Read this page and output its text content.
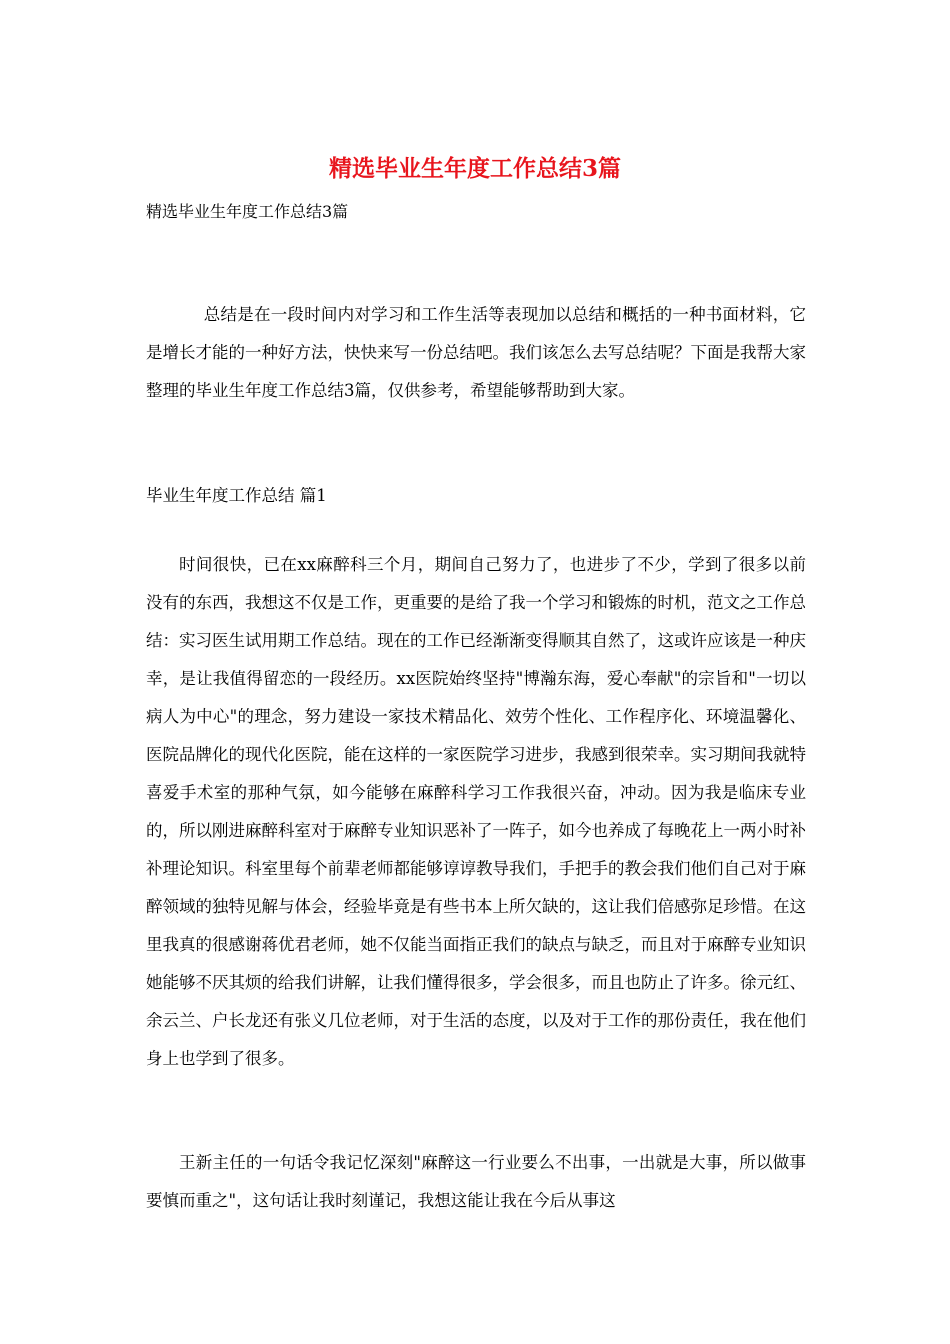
精选毕业生年度工作总结3篇

精选毕业生年度工作总结3篇

总结是在一段时间内对学习和工作生活等表现加以总结和概括的一种书面材料，它是增长才能的一种好方法，快快来写一份总结吧。我们该怎么去写总结呢？下面是我帮大家整理的毕业生年度工作总结3篇，仅供参考，希望能够帮助到大家。

毕业生年度工作总结 篇1

时间很快，已在xx麻醉科三个月，期间自己努力了，也进步了不少，学到了很多以前没有的东西，我想这不仅是工作，更重要的是给了我一个学习和锻炼的时机，范文之工作总结：实习医生试用期工作总结。现在的工作已经渐渐变得顺其自然了，这或许应该是一种庆幸，是让我值得留恋的一段经历。xx医院始终坚持"博瀚东海，爱心奉献"的宗旨和"一切以病人为中心"的理念，努力建设一家技术精品化、效劳个性化、工作程序化、环境温馨化、医院品牌化的现代化医院，能在这样的一家医院学习进步，我感到很荣幸。实习期间我就特喜爱手术室的那种气氛，如今能够在麻醉科学习工作我很兴奋，冲动。因为我是临床专业的，所以刚进麻醉科室对于麻醉专业知识恶补了一阵子，如今也养成了每晚花上一两小时补补理论知识。科室里每个前辈老师都能够谆谆教导我们，手把手的教会我们他们自己对于麻醉领域的独特见解与体会，经验毕竟是有些书本上所欠缺的，这让我们倍感弥足珍惜。在这里我真的很感谢蒋优君老师，她不仅能当面指正我们的缺点与缺乏，而且对于麻醉专业知识她能够不厌其烦的给我们讲解，让我们懂得很多，学会很多，而且也防止了许多。徐元红、余云兰、户长龙还有张义几位老师，对于生活的态度，以及对于工作的那份责任，我在他们身上也学到了很多。

王新主任的一句话令我记忆深刻"麻醉这一行业要么不出事，一出就是大事，所以做事要慎而重之"，这句话让我时刻谨记，我想这能让我在今后从事这
